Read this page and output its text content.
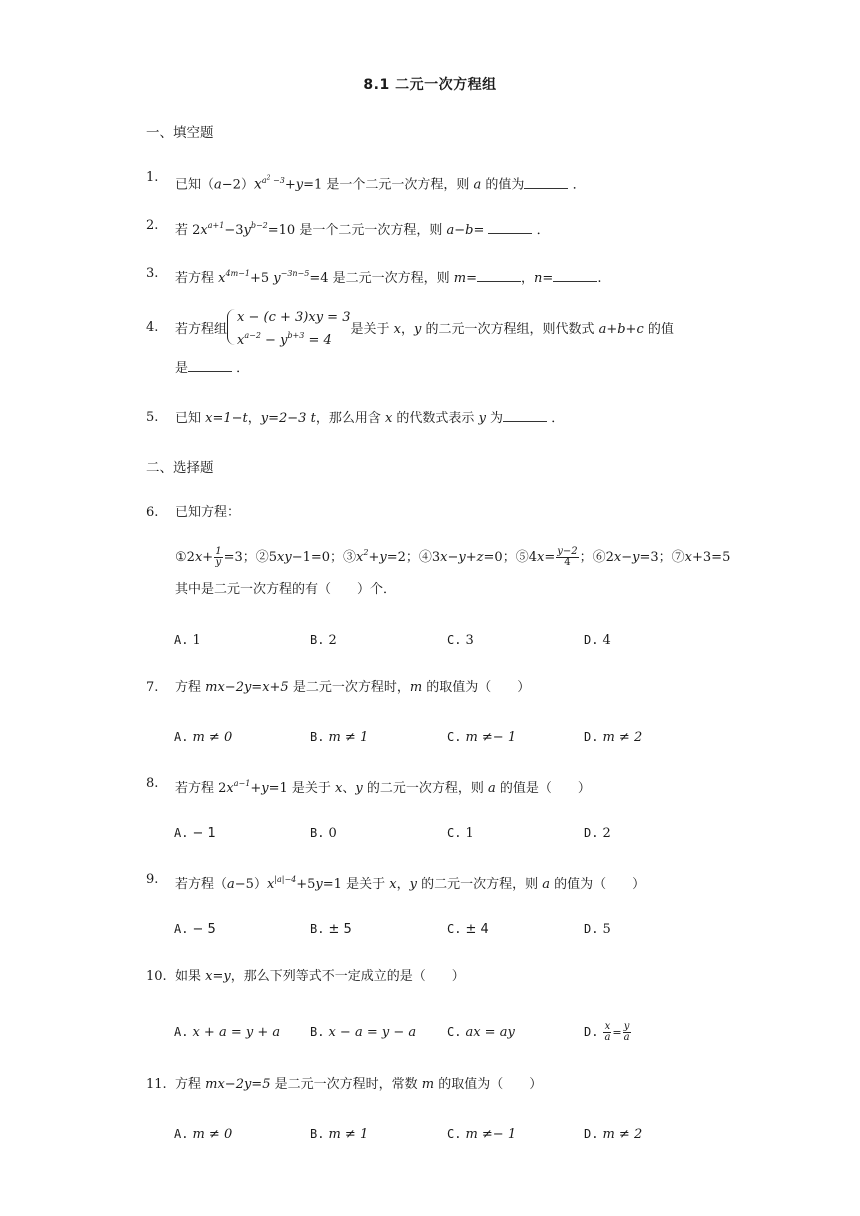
8.1 二元一次方程组
一、填空题
1.
已知$(a-2)x^{a^2 -3}+y=1$ 是一个二元一次方程，则 a 的值为	．
2.	若 $2x^{a+1}-3y^{b-2}=10$ 是一个二元一次方程，则 a−b=	．
3.	若方程 $x^{4m-1}+5$ $y^{-3n-5}=4$ 是二元一次方程，则 m=	，n=	.
4.	若方程组
x − (c + 3)xy = 3
$x^{a-2} - y^{b+3} = 4$
是关于 x，y 的二元一次方程组，则代数式 a+b+c 的值
是	．
5.	已知 x=1−t，y=2−3 t，那么用含 x 的代数式表示 y 为	．
二、选择题
6.	已知方程：
①2x+ $\frac{1}{y} =3$；②5xy−1=0；$③x^2+y=2$；④3x−y+z=0；⑤4x= $\frac{y-2}{4}$ ；⑥2x−y=3；⑦x+3=5
其中是二元一次方程的有（　　）个．
A. 1	B. 2	C. 3	D. 4
7.	方程 mx−2y=x+5 是二元一次方程时，m 的取值为（　　）
A. m ≠ 0	B. m ≠ 1	C. m ≠− 1	D. m ≠ 2
8.	若方程 $2x^{a-1}+y=1$ 是关于 x、y 的二元一次方程，则 a 的值是（　　）
A. − 1	B. 0	C. 1	D. 2
9.	若方程$(a-5)x^{|a|-4}+5y=1$ 是关于 x，y 的二元一次方程，则 a 的值为（　　）
A. − 5	B. ± 5	C. ± 4	D. 5
10. 如果 x=y，那么下列等式不一定成立的是（　　）
A. x + a = y + a B. x − a = y − a	C. ax = ay	D. $\frac{x}{a} = \frac{y}{a}$
11. 方程 mx−2y=5 是二元一次方程时，常数 m 的取值为（　　）
A. m ≠ 0	B. m ≠ 1	C. m ≠− 1	D. m ≠ 2
